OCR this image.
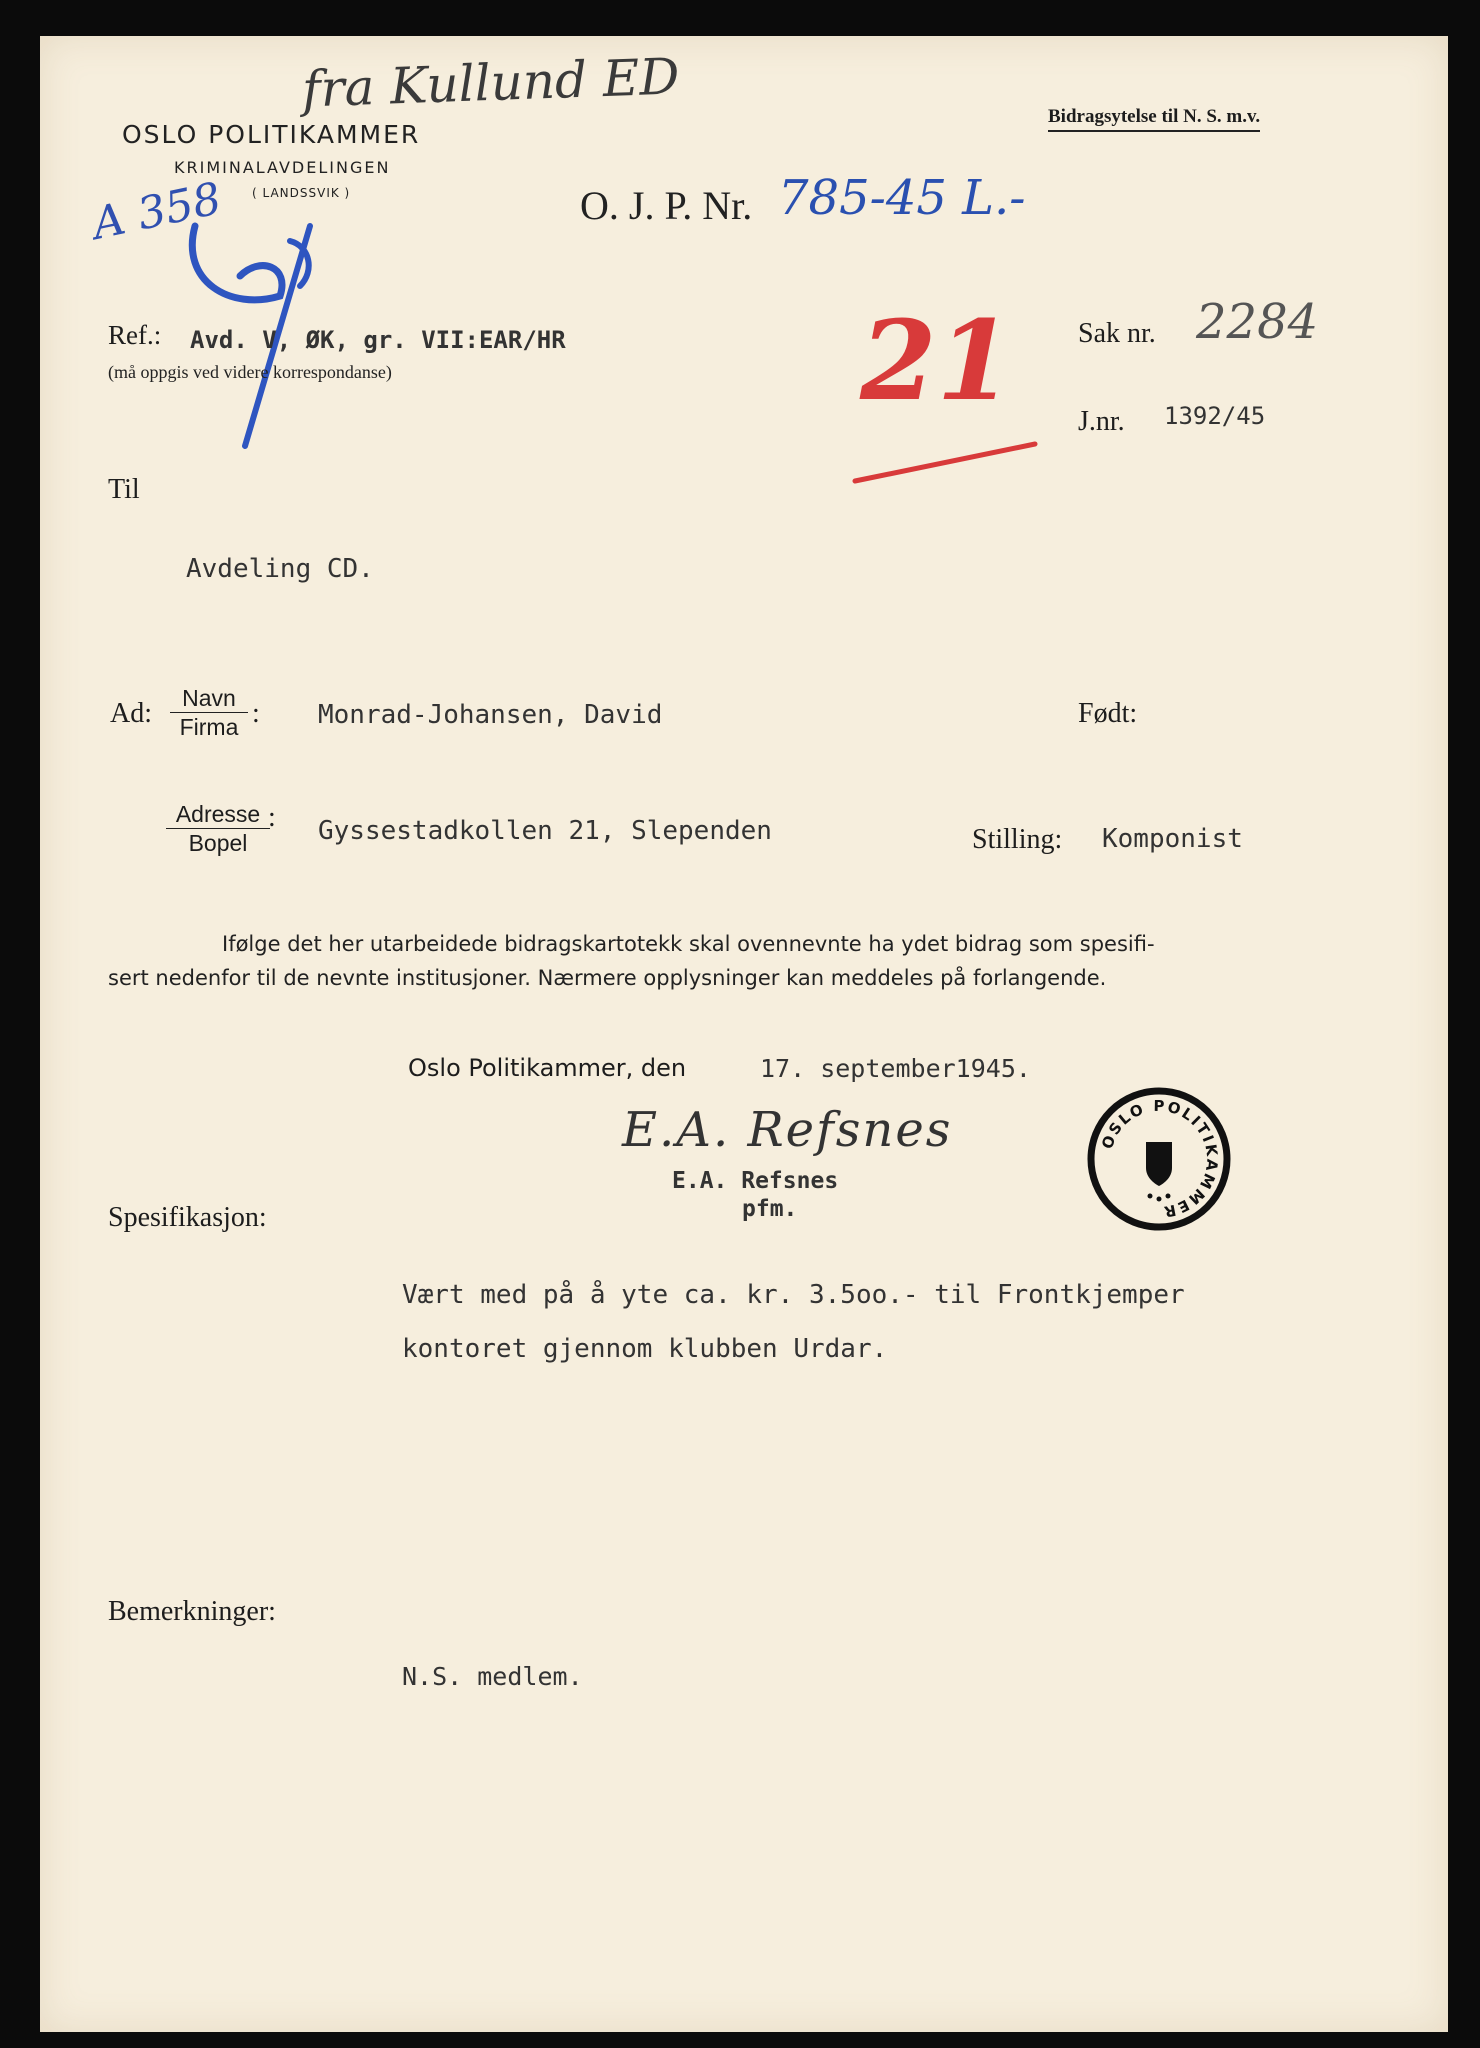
fra Kullund ED
OSLO POLITIKAMMER
KRIMINALAVDELINGEN
( LANDSSVIK )
Bidragsytelse til N. S. m.v.
O. J. P. Nr. 785-45 L.-
A 358
Ref.: Avd. V, ØK, gr. VII:EAR/HR
(må oppgis ved videre korrespondanse)	21 Sak nr. 2284
J.nr. 1392/45
Til
Avdeling CD.
Ad:	Navn
Firma : Monrad-Johansen, David	Født:
Adresse
Bopel
: Gyssestadkollen 21, Slependen	Stilling: Komponist
Ifølge det her utarbeidede bidragskartotekk skal ovennevnte ha ydet bidrag som spesifi-
sert nedenfor til de nevnte institusjoner. Nærmere opplysninger kan meddeles på forlangende.
Oslo Politikammer, den	17. september1945.
E.A. Refsnes
E.A. Refsnes
pfm.
OSLO POLITIKAMMER
Spesifikasjon:
Vært med på å yte ca. kr. 3.5oo.- til Frontkjemper
kontoret gjennom klubben Urdar.
Bemerkninger:
N.S. medlem.
